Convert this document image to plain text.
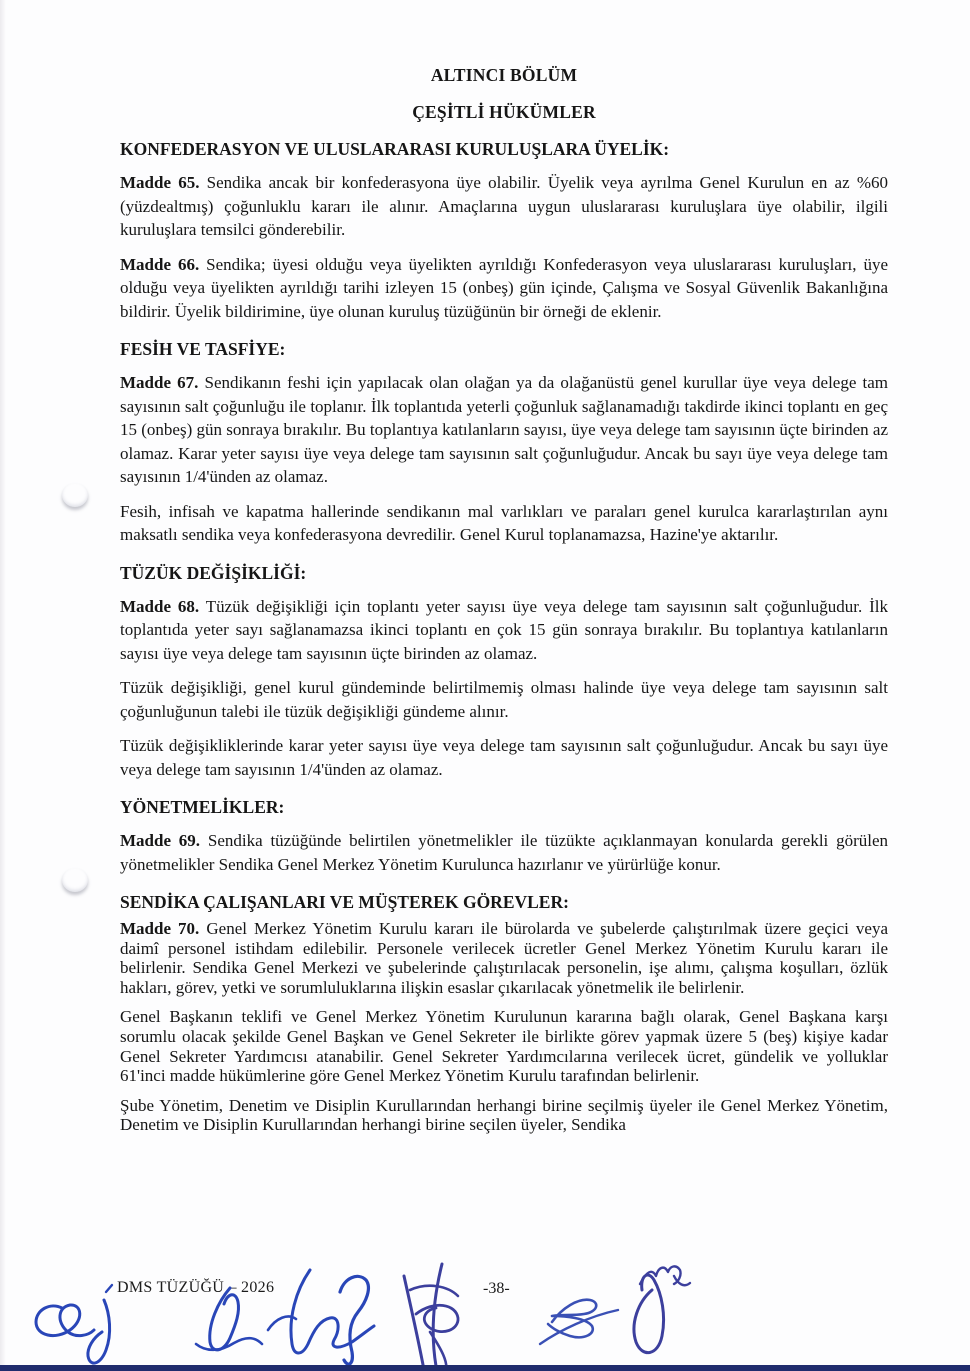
ALTINCI BÖLÜM
ÇEŞİTLİ HÜKÜMLER
KONFEDERASYON VE ULUSLARARASI KURULUŞLARA ÜYELİK:

Madde 65. Sendika ancak bir konfederasyona üye olabilir. Üyelik veya ayrılma Genel Kurulun en az %60 (yüzdealtmış) çoğunluklu kararı ile alınır. Amaçlarına uygun uluslararası kuruluşlara üye olabilir, ilgili kuruluşlara temsilci gönderebilir.

Madde 66. Sendika; üyesi olduğu veya üyelikten ayrıldığı Konfederasyon veya uluslararası kuruluşları, üye olduğu veya üyelikten ayrıldığı tarihi izleyen 15 (onbeş) gün içinde, Çalışma ve Sosyal Güvenlik Bakanlığına bildirir. Üyelik bildirimine, üye olunan kuruluş tüzüğünün bir örneği de eklenir.

FESİH VE TASFİYE:

Madde 67. Sendikanın feshi için yapılacak olan olağan ya da olağanüstü genel kurullar üye veya delege tam sayısının salt çoğunluğu ile toplanır. İlk toplantıda yeterli çoğunluk sağlanamadığı takdirde ikinci toplantı en geç 15 (onbeş) gün sonraya bırakılır. Bu toplantıya katılanların sayısı, üye veya delege tam sayısının üçte birinden az olamaz. Karar yeter sayısı üye veya delege tam sayısının salt çoğunluğudur. Ancak bu sayı üye veya delege tam sayısının 1/4'ünden az olamaz.

Fesih, infisah ve kapatma hallerinde sendikanın mal varlıkları ve paraları genel kurulca kararlaştırılan aynı maksatlı sendika veya konfederasyona devredilir. Genel Kurul toplanamazsa, Hazine'ye aktarılır.

TÜZÜK DEĞİŞİKLİĞİ:

Madde 68. Tüzük değişikliği için toplantı yeter sayısı üye veya delege tam sayısının salt çoğunluğudur. İlk toplantıda yeter sayı sağlanamazsa ikinci toplantı en çok 15 gün sonraya bırakılır. Bu toplantıya katılanların sayısı üye veya delege tam sayısının üçte birinden az olamaz.

Tüzük değişikliği, genel kurul gündeminde belirtilmemiş olması halinde üye veya delege tam sayısının salt çoğunluğunun talebi ile tüzük değişikliği gündeme alınır.

Tüzük değişikliklerinde karar yeter sayısı üye veya delege tam sayısının salt çoğunluğudur. Ancak bu sayı üye veya delege tam sayısının 1/4'ünden az olamaz.

YÖNETMELİKLER:

Madde 69. Sendika tüzüğünde belirtilen yönetmelikler ile tüzükte açıklanmayan konularda gerekli görülen yönetmelikler Sendika Genel Merkez Yönetim Kurulunca hazırlanır ve yürürlüğe konur.

SENDİKA ÇALIŞANLARI VE MÜŞTEREK GÖREVLER:

Madde 70. Genel Merkez Yönetim Kurulu kararı ile bürolarda ve şubelerde çalıştırılmak üzere geçici veya daimî personel istihdam edilebilir. Personele verilecek ücretler Genel Merkez Yönetim Kurulu kararı ile belirlenir. Sendika Genel Merkezi ve şubelerinde çalıştırılacak personelin, işe alımı, çalışma koşulları, özlük hakları, görev, yetki ve sorumluluklarına ilişkin esaslar çıkarılacak yönetmelik ile belirlenir.

Genel Başkanın teklifi ve Genel Merkez Yönetim Kurulunun kararına bağlı olarak, Genel Başkana karşı sorumlu olacak şekilde Genel Başkan ve Genel Sekreter ile birlikte görev yapmak üzere 5 (beş) kişiye kadar Genel Sekreter Yardımcısı atanabilir. Genel Sekreter Yardımcılarına verilecek ücret, gündelik ve yolluklar 61'inci madde hükümlerine göre Genel Merkez Yönetim Kurulu tarafından belirlenir.

Şube Yönetim, Denetim ve Disiplin Kurullarından herhangi birine seçilmiş üyeler ile Genel Merkez Yönetim, Denetim ve Disiplin Kurullarından herhangi birine seçilen üyeler, Sendika

DMS TÜZÜĞÜ – 2026	-38-
